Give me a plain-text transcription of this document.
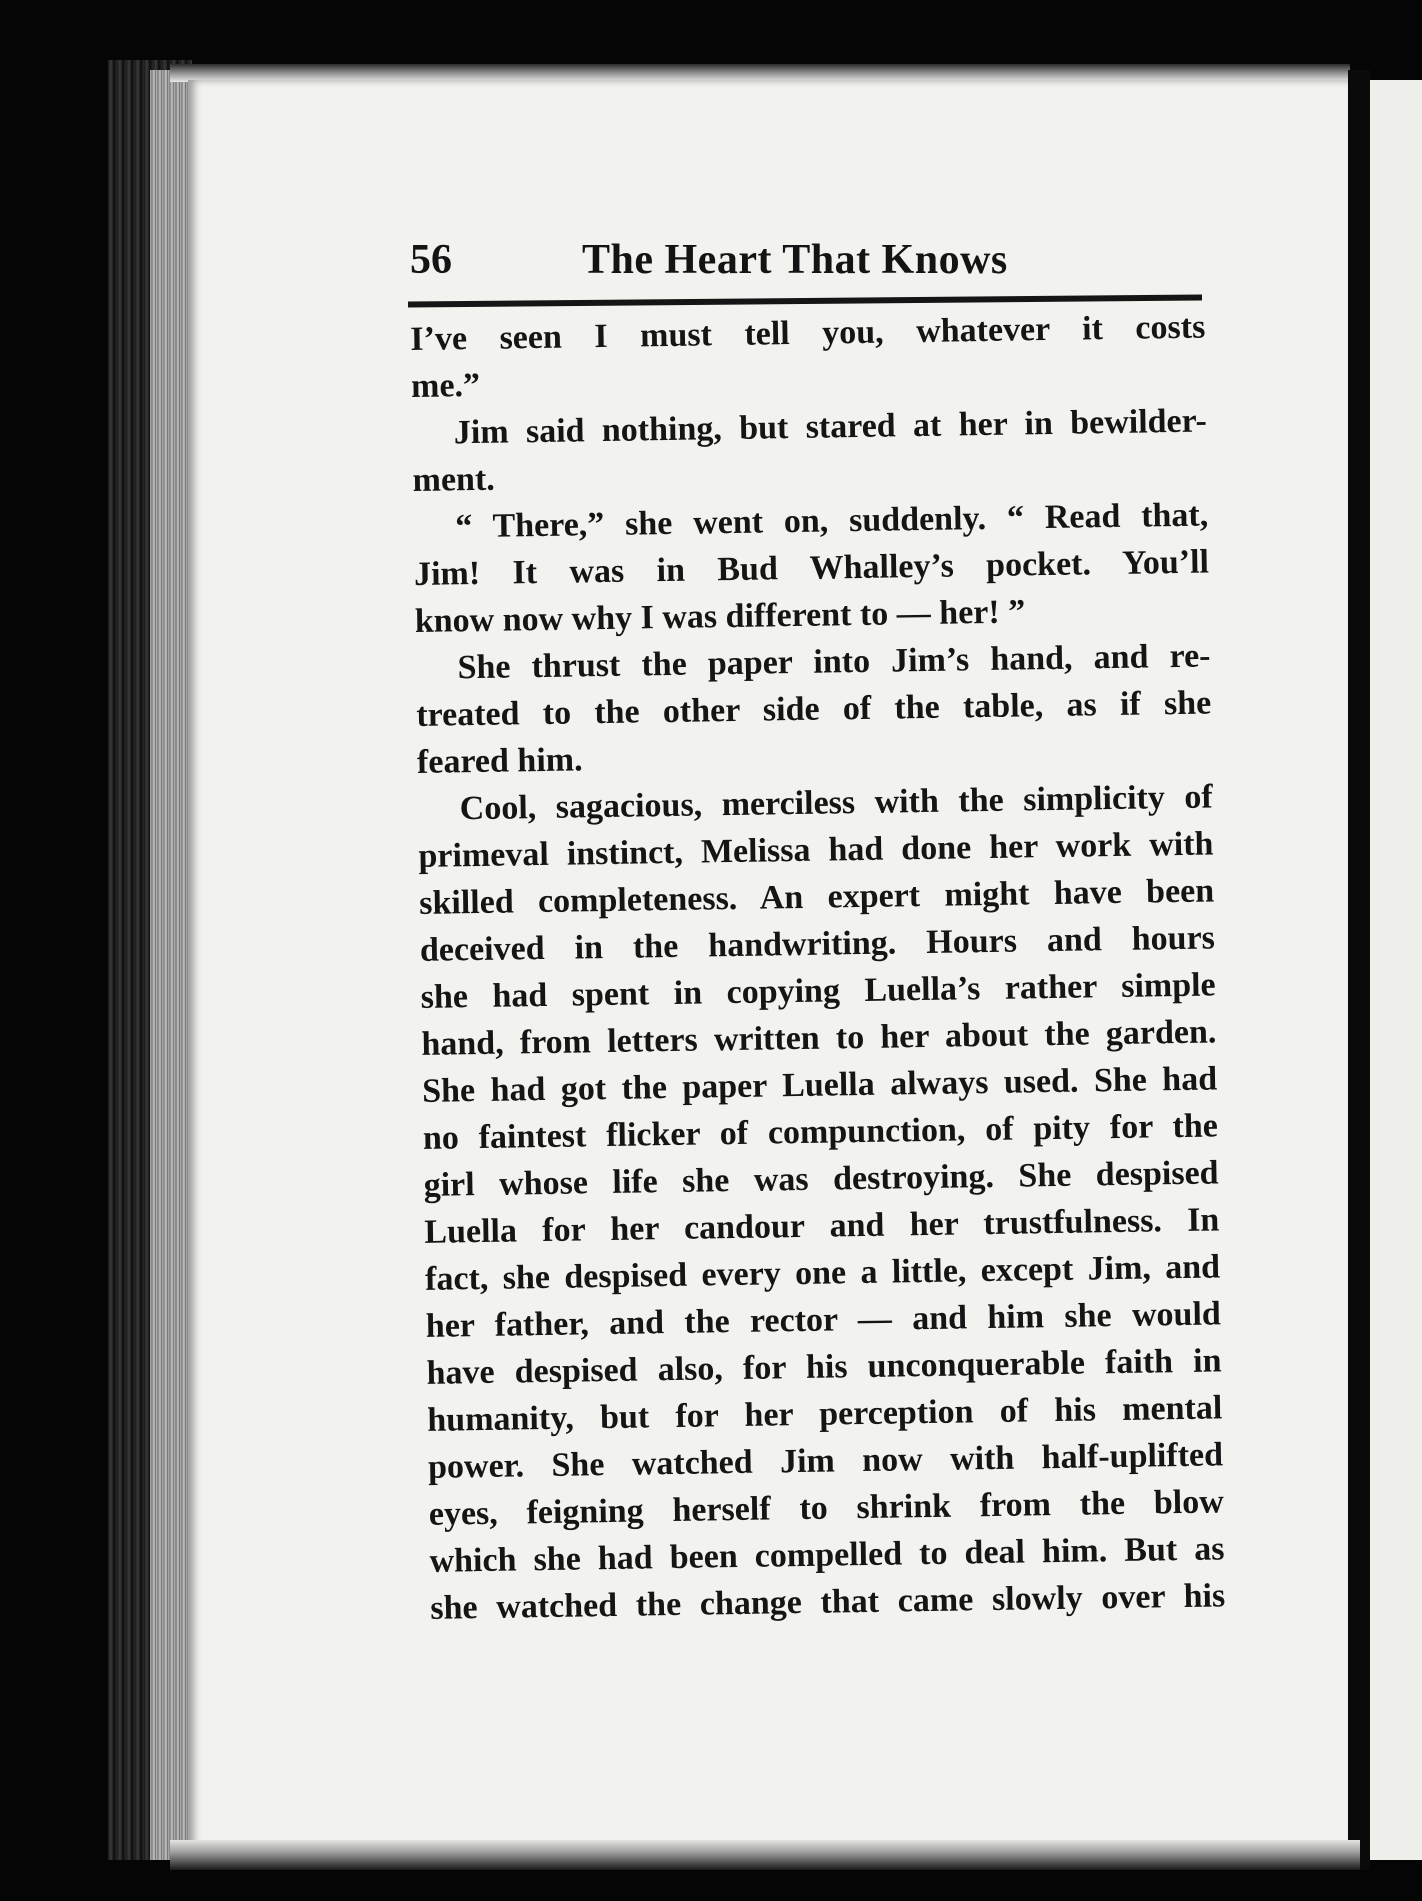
56	The Heart That Knows
I’ve seen I must tell you, whatever it costs
me.”
Jim said nothing, but stared at her in bewilder-
ment.
“ There,” she went on, suddenly. “ Read that,
Jim! It was in Bud Whalley’s pocket. You’ll
know now why I was different to — her! ”
She thrust the paper into Jim’s hand, and re-
treated to the other side of the table, as if she
feared him.
Cool, sagacious, merciless with the simplicity of
primeval instinct, Melissa had done her work with
skilled completeness. An expert might have been
deceived in the handwriting. Hours and hours
she had spent in copying Luella’s rather simple
hand, from letters written to her about the garden.
She had got the paper Luella always used. She had
no faintest flicker of compunction, of pity for the
girl whose life she was destroying. She despised
Luella for her candour and her trustfulness. In
fact, she despised every one a little, except Jim, and
her father, and the rector — and him she would
have despised also, for his unconquerable faith in
humanity, but for her perception of his mental
power. She watched Jim now with half-uplifted
eyes, feigning herself to shrink from the blow
which she had been compelled to deal him. But as
she watched the change that came slowly over his
